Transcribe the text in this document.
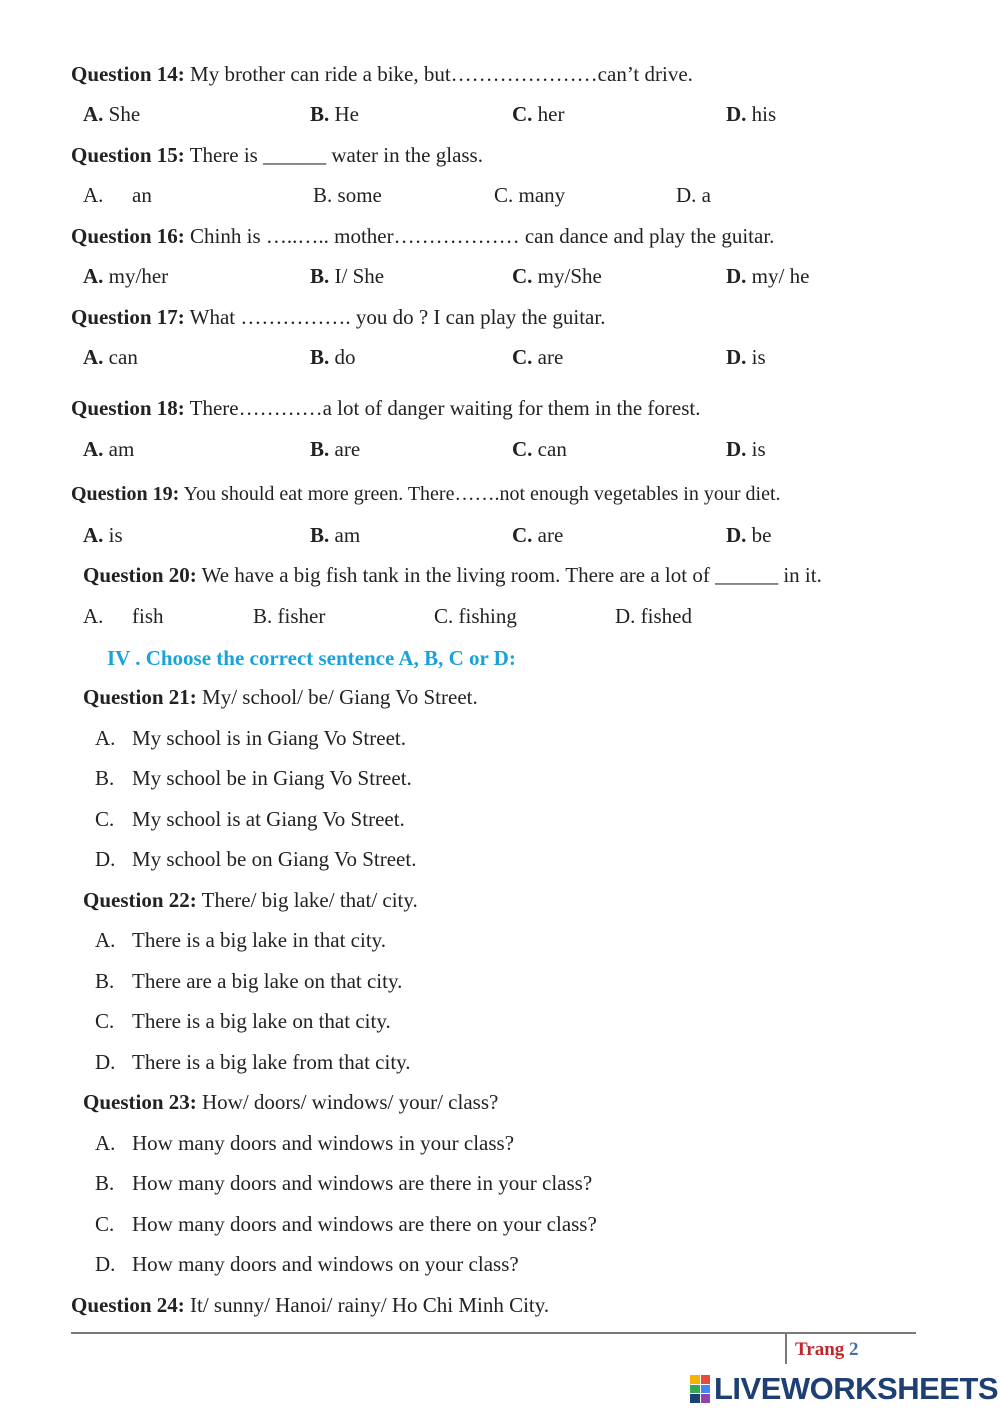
Question 14: My brother can ride a bike, but…………………can’t drive.
A. She	B. He	C. her	D. his
Question 15: There is ______ water in the glass.
A. an	B. some	C. many	D. a
Question 16: Chinh is …..….. mother……………… can dance and play the guitar.
A. my/her	B. I/ She	C. my/She	D. my/ he
Question 17: What ……………. you do ? I can play the guitar.
A. can	B. do	C. are	D. is
Question 18: There…………a lot of danger waiting for them in the forest.
A. am	B. are	C. can	D. is
Question 19: You should eat more green. There…….not enough vegetables in your diet.
A. is	B. am	C. are	D. be
Question 20: We have a big fish tank in the living room. There are a lot of ______ in it.
A. fish	B. fisher	C. fishing	D. fished
IV . Choose the correct sentence A, B, C or D:
Question 21: My/ school/ be/ Giang Vo Street.
A. My school is in Giang Vo Street.
B. My school be in Giang Vo Street.
C. My school is at Giang Vo Street.
D. My school be on Giang Vo Street.
Question 22: There/ big lake/ that/ city.
A. There is a big lake in that city.
B. There are a big lake on that city.
C. There is a big lake on that city.
D. There is a big lake from that city.
Question 23: How/ doors/ windows/ your/ class?
A. How many doors and windows in your class?
B. How many doors and windows are there in your class?
C. How many doors and windows are there on your class?
D. How many doors and windows on your class?
Question 24: It/ sunny/ Hanoi/ rainy/ Ho Chi Minh City.
Trang 2
LIVEWORKSHEETS
